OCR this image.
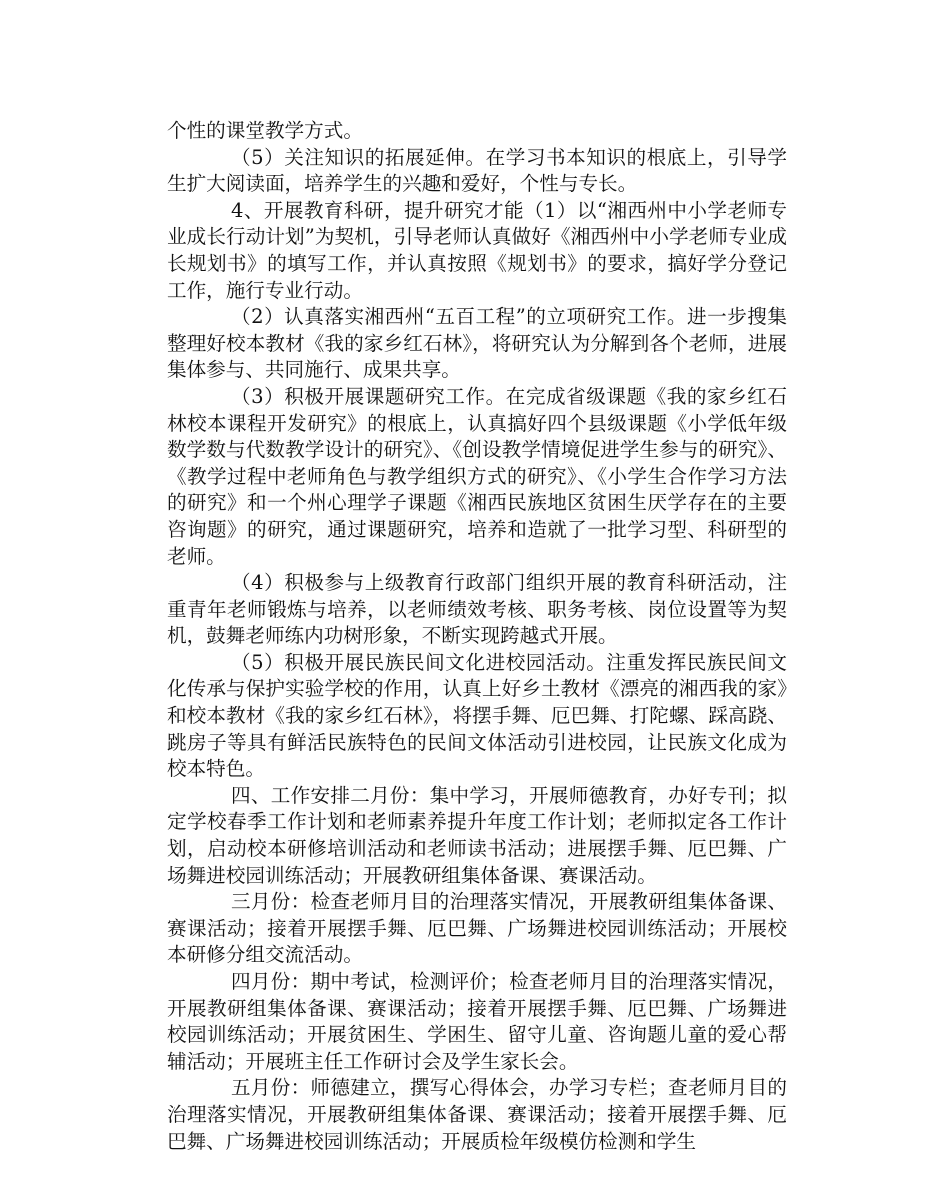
个性的课堂教学方式。

（5）关注知识的拓展延伸。在学习书本知识的根底上，引导学生扩大阅读面，培养学生的兴趣和爱好，个性与专长。

4、开展教育科研，提升研究才能（1）以“湘西州中小学老师专业成长行动计划”为契机，引导老师认真做好《湘西州中小学老师专业成长规划书》的填写工作，并认真按照《规划书》的要求，搞好学分登记工作，施行专业行动。

（2）认真落实湘西州“五百工程”的立项研究工作。进一步搜集整理好校本教材《我的家乡红石林》，将研究认为分解到各个老师，进展集体参与、共同施行、成果共享。

（3）积极开展课题研究工作。在完成省级课题《我的家乡红石林校本课程开发研究》的根底上，认真搞好四个县级课题《小学低年级数学数与代数教学设计的研究》、《创设教学情境促进学生参与的研究》、《教学过程中老师角色与教学组织方式的研究》、《小学生合作学习方法的研究》和一个州心理学子课题《湘西民族地区贫困生厌学存在的主要咨询题》的研究，通过课题研究，培养和造就了一批学习型、科研型的老师。

（4）积极参与上级教育行政部门组织开展的教育科研活动，注重青年老师锻炼与培养，以老师绩效考核、职务考核、岗位设置等为契机，鼓舞老师练内功树形象，不断实现跨越式开展。

（5）积极开展民族民间文化进校园活动。注重发挥民族民间文化传承与保护实验学校的作用，认真上好乡土教材《漂亮的湘西我的家》和校本教材《我的家乡红石林》，将摆手舞、厄巴舞、打陀螺、踩高跷、跳房子等具有鲜活民族特色的民间文体活动引进校园，让民族文化成为校本特色。

四、工作安排二月份：集中学习，开展师德教育，办好专刊；拟定学校春季工作计划和老师素养提升年度工作计划；老师拟定各工作计划，启动校本研修培训活动和老师读书活动；进展摆手舞、厄巴舞、广场舞进校园训练活动；开展教研组集体备课、赛课活动。

三月份：检查老师月目的治理落实情况，开展教研组集体备课、赛课活动；接着开展摆手舞、厄巴舞、广场舞进校园训练活动；开展校本研修分组交流活动。

四月份：期中考试，检测评价；检查老师月目的治理落实情况，开展教研组集体备课、赛课活动；接着开展摆手舞、厄巴舞、广场舞进校园训练活动；开展贫困生、学困生、留守儿童、咨询题儿童的爱心帮辅活动；开展班主任工作研讨会及学生家长会。

五月份：师德建立，撰写心得体会，办学习专栏；查老师月目的治理落实情况，开展教研组集体备课、赛课活动；接着开展摆手舞、厄巴舞、广场舞进校园训练活动；开展质检年级模仿检测和学生
